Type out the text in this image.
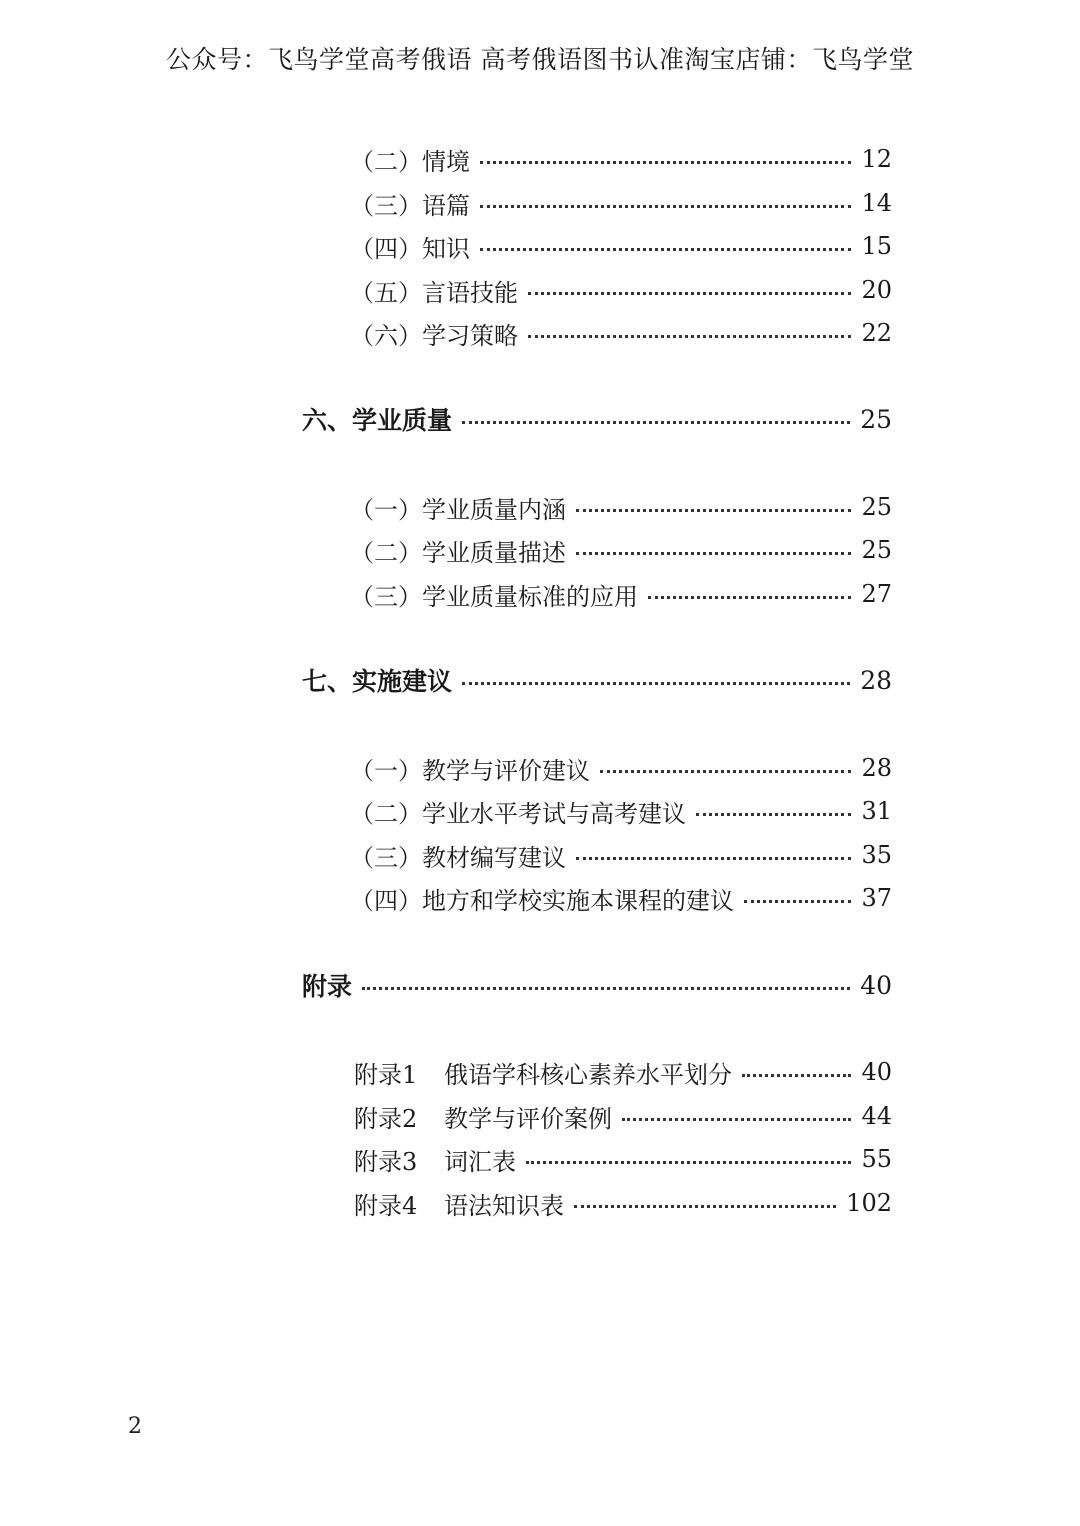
公众号：飞鸟学堂高考俄语 高考俄语图书认准淘宝店铺：飞鸟学堂
（二）情境	12
（三）语篇	14
（四）知识	15
（五）言语技能	20
（六）学习策略	22
六、学业质量	25
（一）学业质量内涵	25
（二）学业质量描述	25
（三）学业质量标准的应用	27
七、实施建议	28
（一）教学与评价建议	28
（二）学业水平考试与高考建议	31
（三）教材编写建议	35
（四）地方和学校实施本课程的建议	37
附录	40
附录1 俄语学科核心素养水平划分	40
附录2 教学与评价案例	44
附录3 词汇表	55
附录4 语法知识表	102
2
